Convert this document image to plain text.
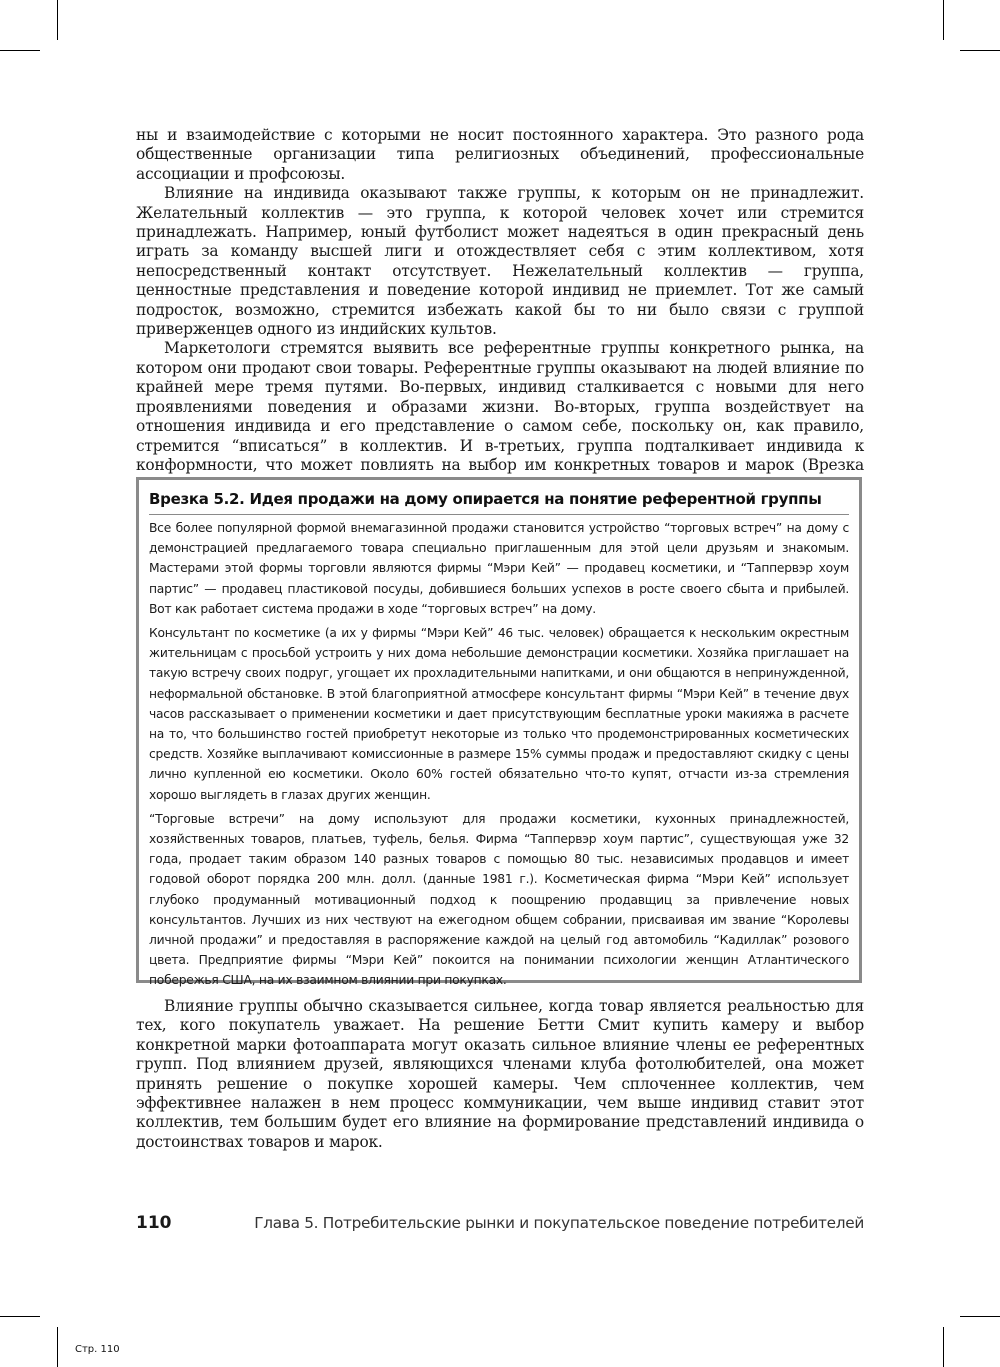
ны и взаимодействие с которыми не носит постоянного характера. Это разного рода общественные организации типа религиозных объединений, профессиональные ассоциации и профсоюзы.

Влияние на индивида оказывают также группы, к которым он не принадлежит. Желательный коллектив — это группа, к которой человек хочет или стремится принадлежать. Например, юный футболист может надеяться в один прекрасный день играть за команду высшей лиги и отождествляет себя с этим коллективом, хотя непосредственный контакт отсутствует. Нежелательный коллектив — группа, ценностные представления и поведение которой индивид не приемлет. Тот же самый подросток, возможно, стремится избежать какой бы то ни было связи с группой приверженцев одного из индийских культов.

Маркетологи стремятся выявить все референтные группы конкретного рынка, на котором они продают свои товары. Референтные группы оказывают на людей влияние по крайней мере тремя путями. Во-первых, индивид сталкивается с новыми для него проявлениями поведения и образами жизни. Во-вторых, группа воздействует на отношения индивида и его представление о самом себе, поскольку он, как правило, стремится “вписаться” в коллектив. И в-третьих, группа подталкивает индивида к конформности, что может повлиять на выбор им конкретных товаров и марок (Врезка

Врезка 5.2. Идея продажи на дому опирается на понятие референтной группы

Все более популярной формой внемагазинной продажи становится устройство “торговых встреч” на дому с демонстрацией предлагаемого товара специально приглашенным для этой цели друзьям и знакомым. Мастерами этой формы торговли являются фирмы “Мэри Кей” — продавец косметики, и “Таппервэр хоум партис” — продавец пластиковой посуды, добившиеся больших успехов в росте своего сбыта и прибылей. Вот как работает система продажи в ходе “торговых встреч” на дому.

Консультант по косметике (а их у фирмы “Мэри Кей” 46 тыс. человек) обращается к нескольким окрестным жительницам с просьбой устроить у них дома небольшие демонстрации косметики. Хозяйка приглашает на такую встречу своих подруг, угощает их прохладительными напитками, и они общаются в непринужденной, неформальной обстановке. В этой благоприятной атмосфере консультант фирмы “Мэри Кей” в течение двух часов рассказывает о применении косметики и дает присутствующим бесплатные уроки макияжа в расчете на то, что большинство гостей приобретут некоторые из только что продемонстрированных косметических средств. Хозяйке выплачивают комиссионные в размере 15% суммы продаж и предоставляют скидку с цены лично купленной ею косметики. Около 60% гостей обязательно что-то купят, отчасти из-за стремления хорошо выглядеть в глазах других женщин.

“Торговые встречи” на дому используют для продажи косметики, кухонных принадлежностей, хозяйственных товаров, платьев, туфель, белья. Фирма “Таппервэр хоум партис”, существующая уже 32 года, продает таким образом 140 разных товаров с помощью 80 тыс. независимых продавцов и имеет годовой оборот порядка 200 млн. долл. (данные 1981 г.). Косметическая фирма “Мэри Кей” использует глубоко продуманный мотивационный подход к поощрению продавщиц за привлечение новых консультантов. Лучших из них чествуют на ежегодном общем собрании, присваивая им звание “Королевы личной продажи” и предоставляя в распоряжение каждой на целый год автомобиль “Кадиллак” розового цвета. Предприятие фирмы “Мэри Кей” покоится на понимании психологии женщин Атлантического побережья США, на их взаимном влиянии при покупках.

Влияние группы обычно сказывается сильнее, когда товар является реальностью для тех, кого покупатель уважает. На решение Бетти Смит купить камеру и выбор конкретной марки фотоаппарата могут оказать сильное влияние члены ее референтных групп. Под влиянием друзей, являющихся членами клуба фотолюбителей, она может принять решение о покупке хорошей камеры. Чем сплоченнее коллектив, чем эффективнее налажен в нем процесс коммуникации, чем выше индивид ставит этот коллектив, тем большим будет его влияние на формирование представлений индивида о достоинствах товаров и марок.

110	Глава 5. Потребительские рынки и покупательское поведение потребителей
Стр. 110
